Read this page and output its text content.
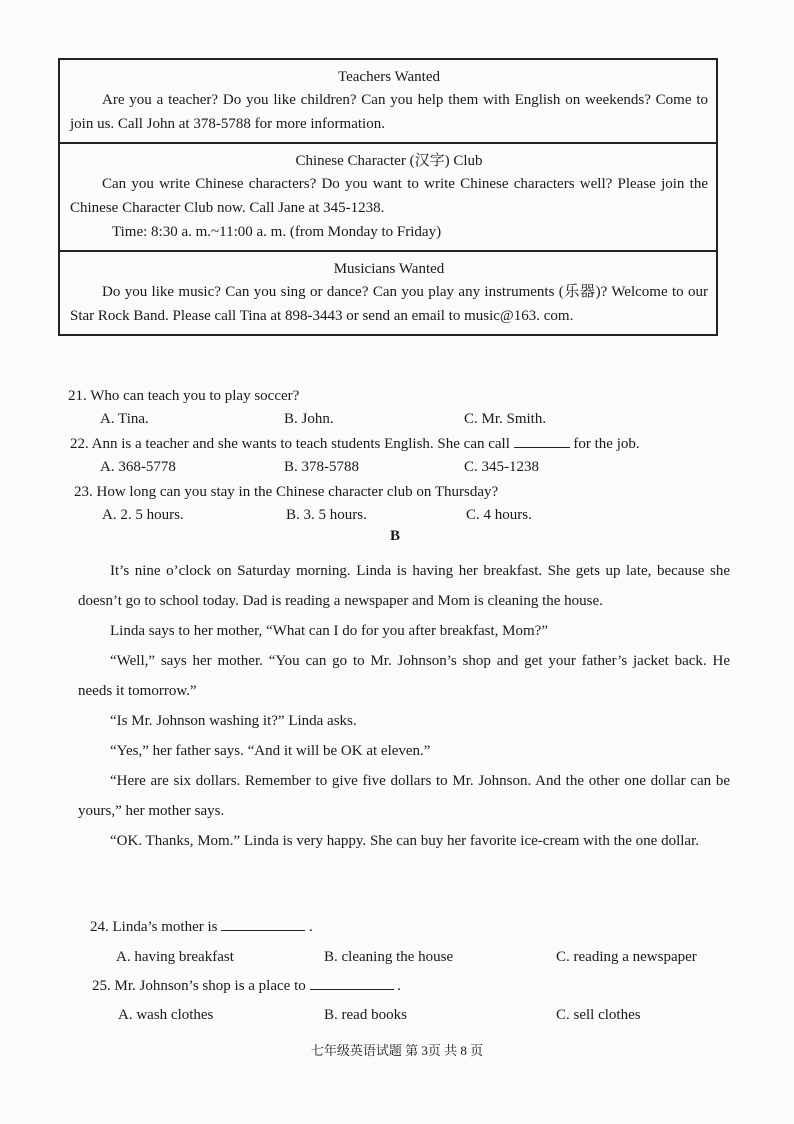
Teachers Wanted
Are you a teacher? Do you like children? Can you help them with English on weekends? Come to join us. Call John at 378-5788 for more information.
Chinese Character (汉字) Club
Can you write Chinese characters? Do you want to write Chinese characters well? Please join the Chinese Character Club now. Call Jane at 345-1238.
Time: 8:30 a. m.~11:00 a. m. (from Monday to Friday)
Musicians Wanted
Do you like music? Can you sing or dance? Can you play any instruments (乐器)? Welcome to our Star Rock Band. Please call Tina at 898-3443 or send an email to music@163. com.
21. Who can teach you to play soccer?
A. Tina.	B. John.	C. Mr. Smith.
22. Ann is a teacher and she wants to teach students English. She can call	for the job.
A. 368-5778	B. 378-5788	C. 345-1238
23. How long can you stay in the Chinese character club on Thursday?
A. 2. 5 hours.	B. 3. 5 hours.	C. 4 hours.
B

It’s nine o’clock on Saturday morning. Linda is having her breakfast. She gets up late, because she doesn’t go to school today. Dad is reading a newspaper and Mom is cleaning the house.

Linda says to her mother, “What can I do for you after breakfast, Mom?”

“Well,” says her mother. “You can go to Mr. Johnson’s shop and get your father’s jacket back. He needs it tomorrow.”

“Is Mr. Johnson washing it?” Linda asks.

“Yes,” her father says. “And it will be OK at eleven.”

“Here are six dollars. Remember to give five dollars to Mr. Johnson. And the other one dollar can be yours,” her mother says.

“OK. Thanks, Mom.” Linda is very happy. She can buy her favorite ice-cream with the one dollar.

24. Linda’s mother is	.
A. having breakfast	B. cleaning the house	C. reading a newspaper
25. Mr. Johnson’s shop is a place to	.
A. wash clothes	B. read books	C. sell clothes
七年级英语试题 第 3页 共 8 页
